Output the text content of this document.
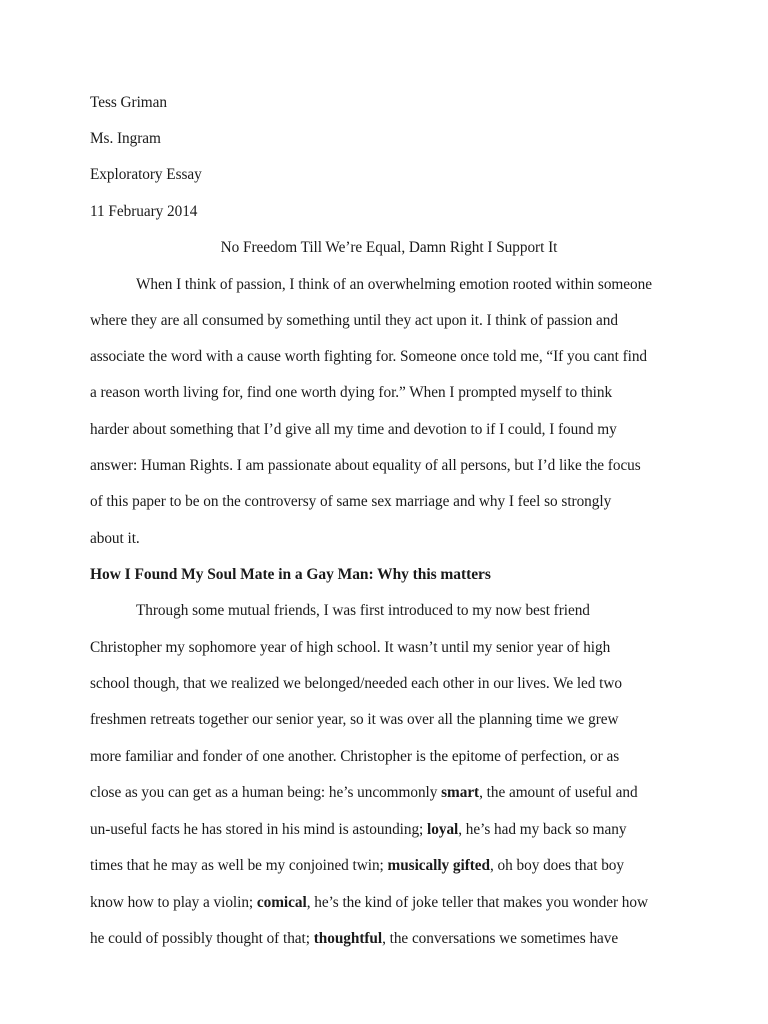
Tess Griman
Ms. Ingram
Exploratory Essay
11 February 2014
No Freedom Till We’re Equal, Damn Right I Support It
When I think of passion, I think of an overwhelming emotion rooted within someone
where they are all consumed by something until they act upon it. I think of passion and
associate the word with a cause worth fighting for. Someone once told me, “If you cant find
a reason worth living for, find one worth dying for.” When I prompted myself to think
harder about something that I’d give all my time and devotion to if I could, I found my
answer: Human Rights. I am passionate about equality of all persons, but I’d like the focus
of this paper to be on the controversy of same sex marriage and why I feel so strongly
about it.
How I Found My Soul Mate in a Gay Man: Why this matters
Through some mutual friends, I was first introduced to my now best friend
Christopher my sophomore year of high school. It wasn’t until my senior year of high
school though, that we realized we belonged/needed each other in our lives. We led two
freshmen retreats together our senior year, so it was over all the planning time we grew
more familiar and fonder of one another. Christopher is the epitome of perfection, or as
close as you can get as a human being: he’s uncommonly smart, the amount of useful and
un-useful facts he has stored in his mind is astounding; loyal, he’s had my back so many
times that he may as well be my conjoined twin; musically gifted, oh boy does that boy
know how to play a violin; comical, he’s the kind of joke teller that makes you wonder how
he could of possibly thought of that; thoughtful, the conversations we sometimes have
